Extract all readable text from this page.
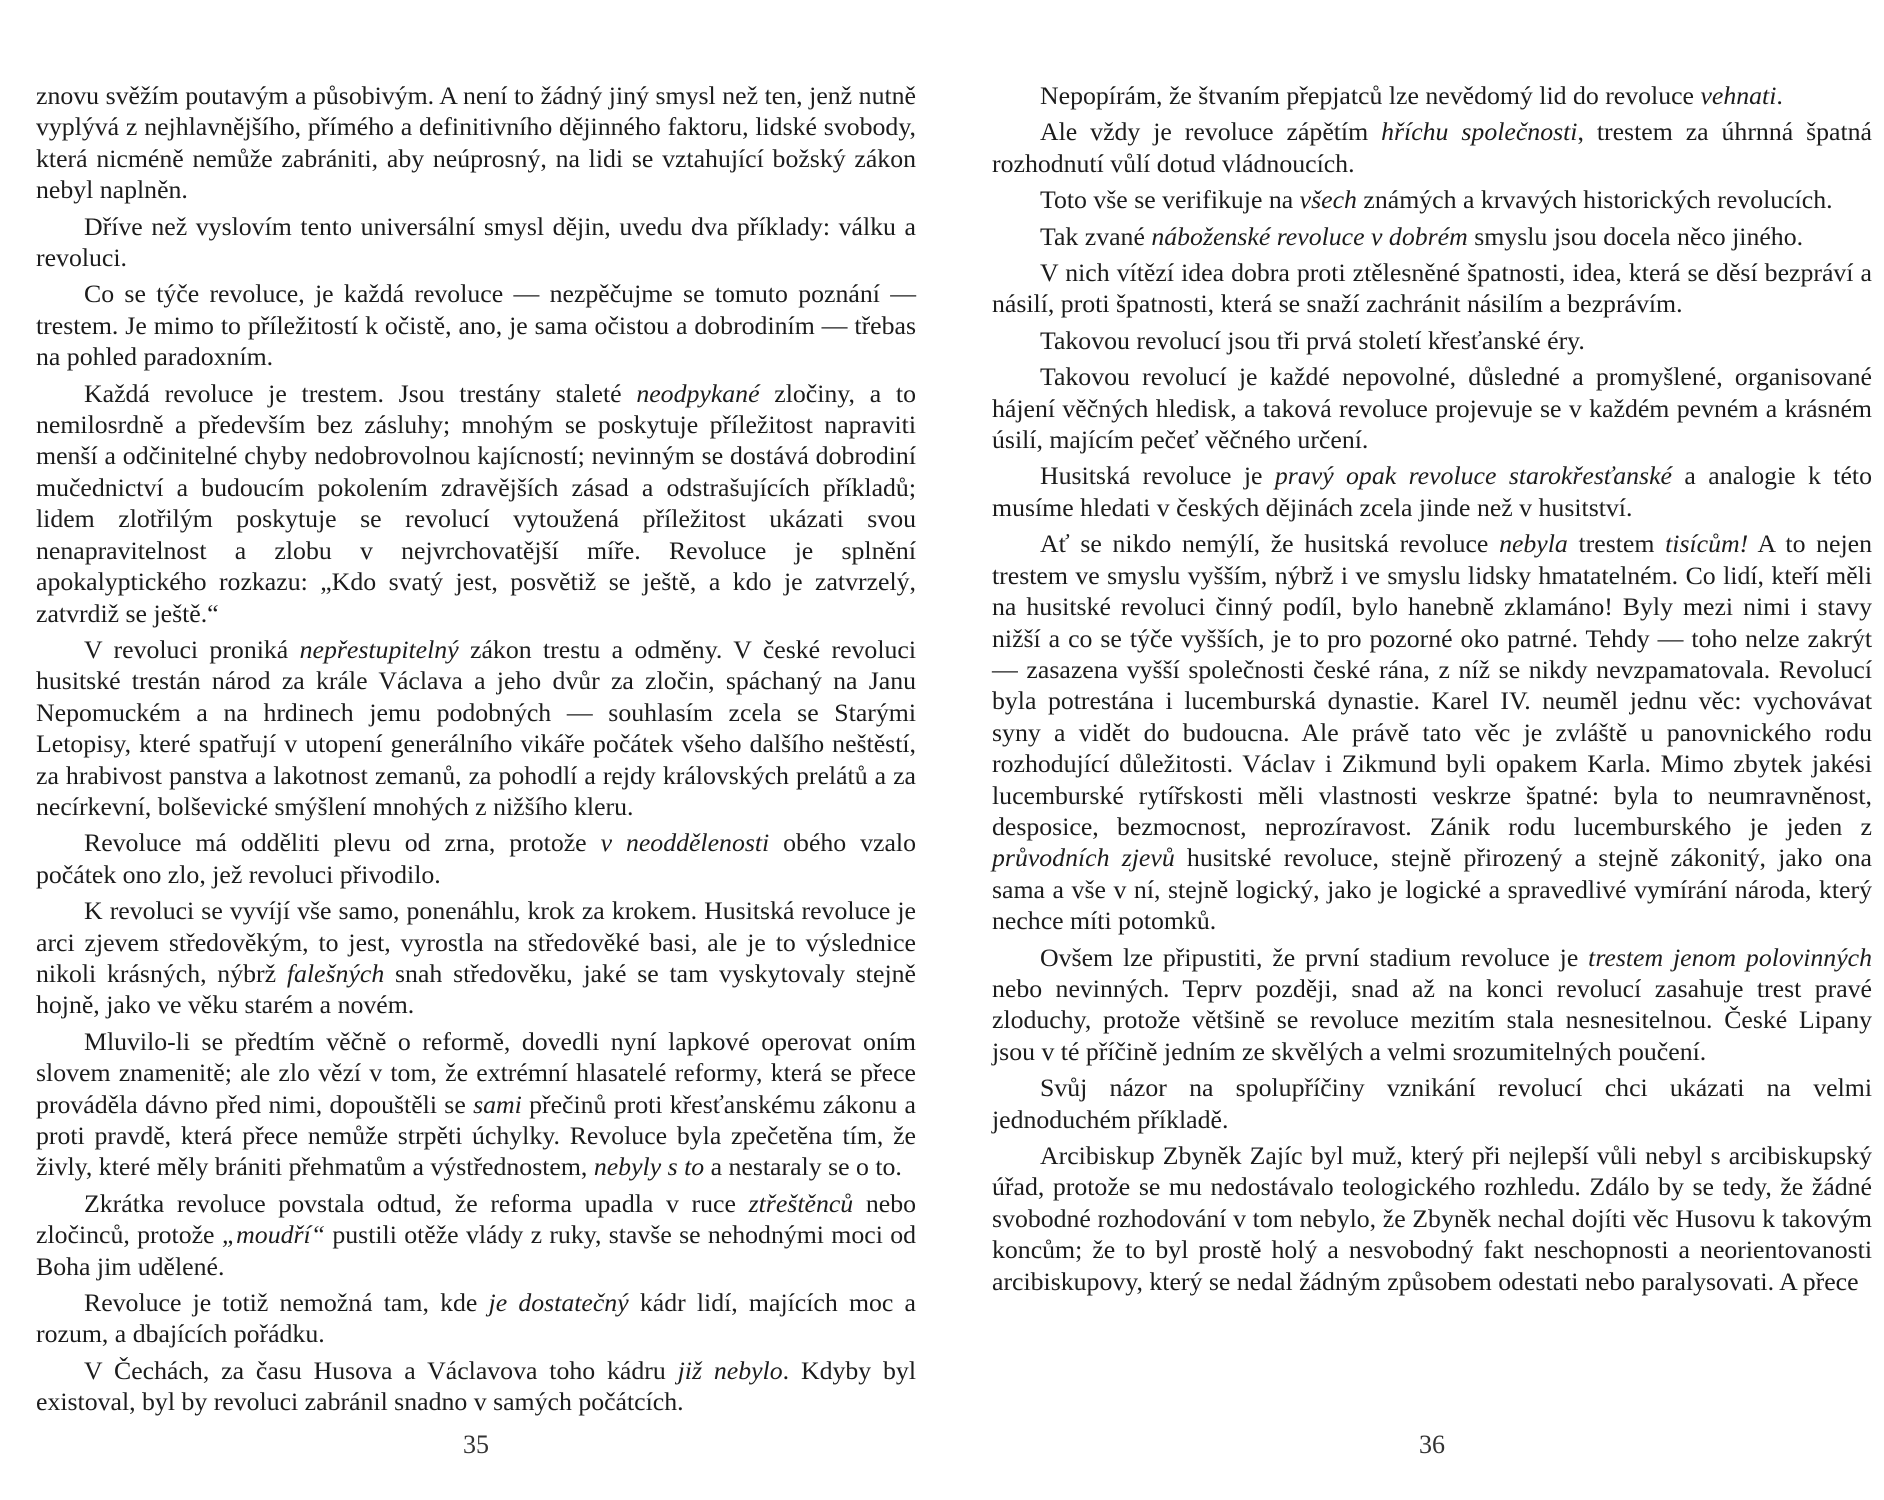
znovu svěžím poutavým a působivým. A není to žádný jiný smysl než ten, jenž nutně vyplývá z nejhlavnějšího, přímého a definitivního dějinného faktoru, lidské svobody, která nicméně nemůže zabrániti, aby neúprosný, na lidi se vztahující božský zákon nebyl naplněn.

Dříve než vyslovím tento universální smysl dějin, uvedu dva příklady: válku a revoluci.

Co se týče revoluce, je každá revoluce — nezpěčujme se tomuto poznání — trestem. Je mimo to příležitostí k očistě, ano, je sama očistou a dobrodiním — třebas na pohled paradoxním.

Každá revoluce je trestem. Jsou trestány staleté neodpykané zločiny, a to nemilosrdně a především bez zásluhy; mnohým se poskytuje příležitost napraviti menší a odčinitelné chyby nedobrovolnou kajícností; nevinným se dostává dobrodiní mučednictví a budoucím pokolením zdravějších zásad a odstrašujících příkladů; lidem zlotřilým poskytuje se revolucí vytoužená příležitost ukázati svou nenapravitelnost a zlobu v nejvrchovatější míře. Revoluce je splnění apokalyptického rozkazu: „Kdo svatý jest, posvětiž se ještě, a kdo je zatvrzelý, zatvrdiž se ještě.“

V revoluci proniká nepřestupitelný zákon trestu a odměny. V české revoluci husitské trestán národ za krále Václava a jeho dvůr za zločin, spáchaný na Janu Nepomuckém a na hrdinech jemu podobných — souhlasím zcela se Starými Letopisy, které spatřují v utopení generálního vikáře počátek všeho dalšího neštěstí, za hrabivost panstva a lakotnost zemanů, za pohodlí a rejdy královských prelátů a za necírkevní, bolševické smýšlení mnohých z nižšího kleru.

Revoluce má odděliti plevu od zrna, protože v neoddělenosti obého vzalo počátek ono zlo, jež revoluci přivodilo.

K revoluci se vyvíjí vše samo, ponenáhlu, krok za krokem. Husitská revoluce je arci zjevem středověkým, to jest, vyrostla na středověké basi, ale je to výslednice nikoli krásných, nýbrž falešných snah středověku, jaké se tam vyskytovaly stejně hojně, jako ve věku starém a novém.

Mluvilo-li se předtím věčně o reformě, dovedli nyní lapkové operovat oním slovem znamenitě; ale zlo vězí v tom, že extrémní hlasatelé reformy, která se přece prováděla dávno před nimi, dopouštěli se sami přečinů proti křesťanskému zákonu a proti pravdě, která přece nemůže strpěti úchylky. Revoluce byla zpečetěna tím, že živly, které měly brániti přehmatům a výstřednostem, nebyly s to a nestaraly se o to.

Zkrátka revoluce povstala odtud, že reforma upadla v ruce ztřeštěnců nebo zločinců, protože „moudří“ pustili otěže vlády z ruky, stavše se nehodnými moci od Boha jim udělené.

Revoluce je totiž nemožná tam, kde je dostatečný kádr lidí, majících moc a rozum, a dbajících pořádku.

V Čechách, za času Husova a Václavova toho kádru již nebylo. Kdyby byl existoval, byl by revoluci zabránil snadno v samých počátcích.

35

Nepopírám, že štvaním přepjatců lze nevědomý lid do revoluce vehnati.

Ale vždy je revoluce zápětím hříchu společnosti, trestem za úhrnná špatná rozhodnutí vůlí dotud vládnoucích.

Toto vše se verifikuje na všech známých a krvavých historických revolucích.

Tak zvané náboženské revoluce v dobrém smyslu jsou docela něco jiného.

V nich vítězí idea dobra proti ztělesněné špatnosti, idea, která se děsí bezpráví a násilí, proti špatnosti, která se snaží zachránit násilím a bezprávím.

Takovou revolucí jsou tři prvá století křesťanské éry.

Takovou revolucí je každé nepovolné, důsledné a promyšlené, organisované hájení věčných hledisk, a taková revoluce projevuje se v každém pevném a krásném úsilí, majícím pečeť věčného určení.

Husitská revoluce je pravý opak revoluce starokřesťanské a analogie k této musíme hledati v českých dějinách zcela jinde než v husitství.

Ať se nikdo nemýlí, že husitská revoluce nebyla trestem tisícům! A to nejen trestem ve smyslu vyšším, nýbrž i ve smyslu lidsky hmatatelném. Co lidí, kteří měli na husitské revoluci činný podíl, bylo hanebně zklamáno! Byly mezi nimi i stavy nižší a co se týče vyšších, je to pro pozorné oko patrné. Tehdy — toho nelze zakrýt — zasazena vyšší společnosti české rána, z níž se nikdy nevzpamatovala. Revolucí byla potrestána i lucemburská dynastie. Karel IV. neuměl jednu věc: vychovávat syny a vidět do budoucna. Ale právě tato věc je zvláště u panovnického rodu rozhodující důležitosti. Václav i Zikmund byli opakem Karla. Mimo zbytek jakési lucemburské rytířskosti měli vlastnosti veskrze špatné: byla to neumravněnost, desposice, bezmocnost, neprozíravost. Zánik rodu lucemburského je jeden z průvodních zjevů husitské revoluce, stejně přirozený a stejně zákonitý, jako ona sama a vše v ní, stejně logický, jako je logické a spravedlivé vymírání národa, který nechce míti potomků.

Ovšem lze připustiti, že první stadium revoluce je trestem jenom polovinných nebo nevinných. Teprv později, snad až na konci revolucí zasahuje trest pravé zloduchy, protože většině se revoluce mezitím stala nesnesitelnou. České Lipany jsou v té příčině jedním ze skvělých a velmi srozumitelných poučení.

Svůj názor na spolupříčiny vznikání revolucí chci ukázati na velmi jednoduchém příkladě.

Arcibiskup Zbyněk Zajíc byl muž, který při nejlepší vůli nebyl s arcibiskupský úřad, protože se mu nedostávalo teologického rozhledu. Zdálo by se tedy, že žádné svobodné rozhodování v tom nebylo, že Zbyněk nechal dojíti věc Husovu k takovým koncům; že to byl prostě holý a nesvobodný fakt neschopnosti a neorientovanosti arcibiskupovy, který se nedal žádným způsobem odestati nebo paralysovati. A přece

36
